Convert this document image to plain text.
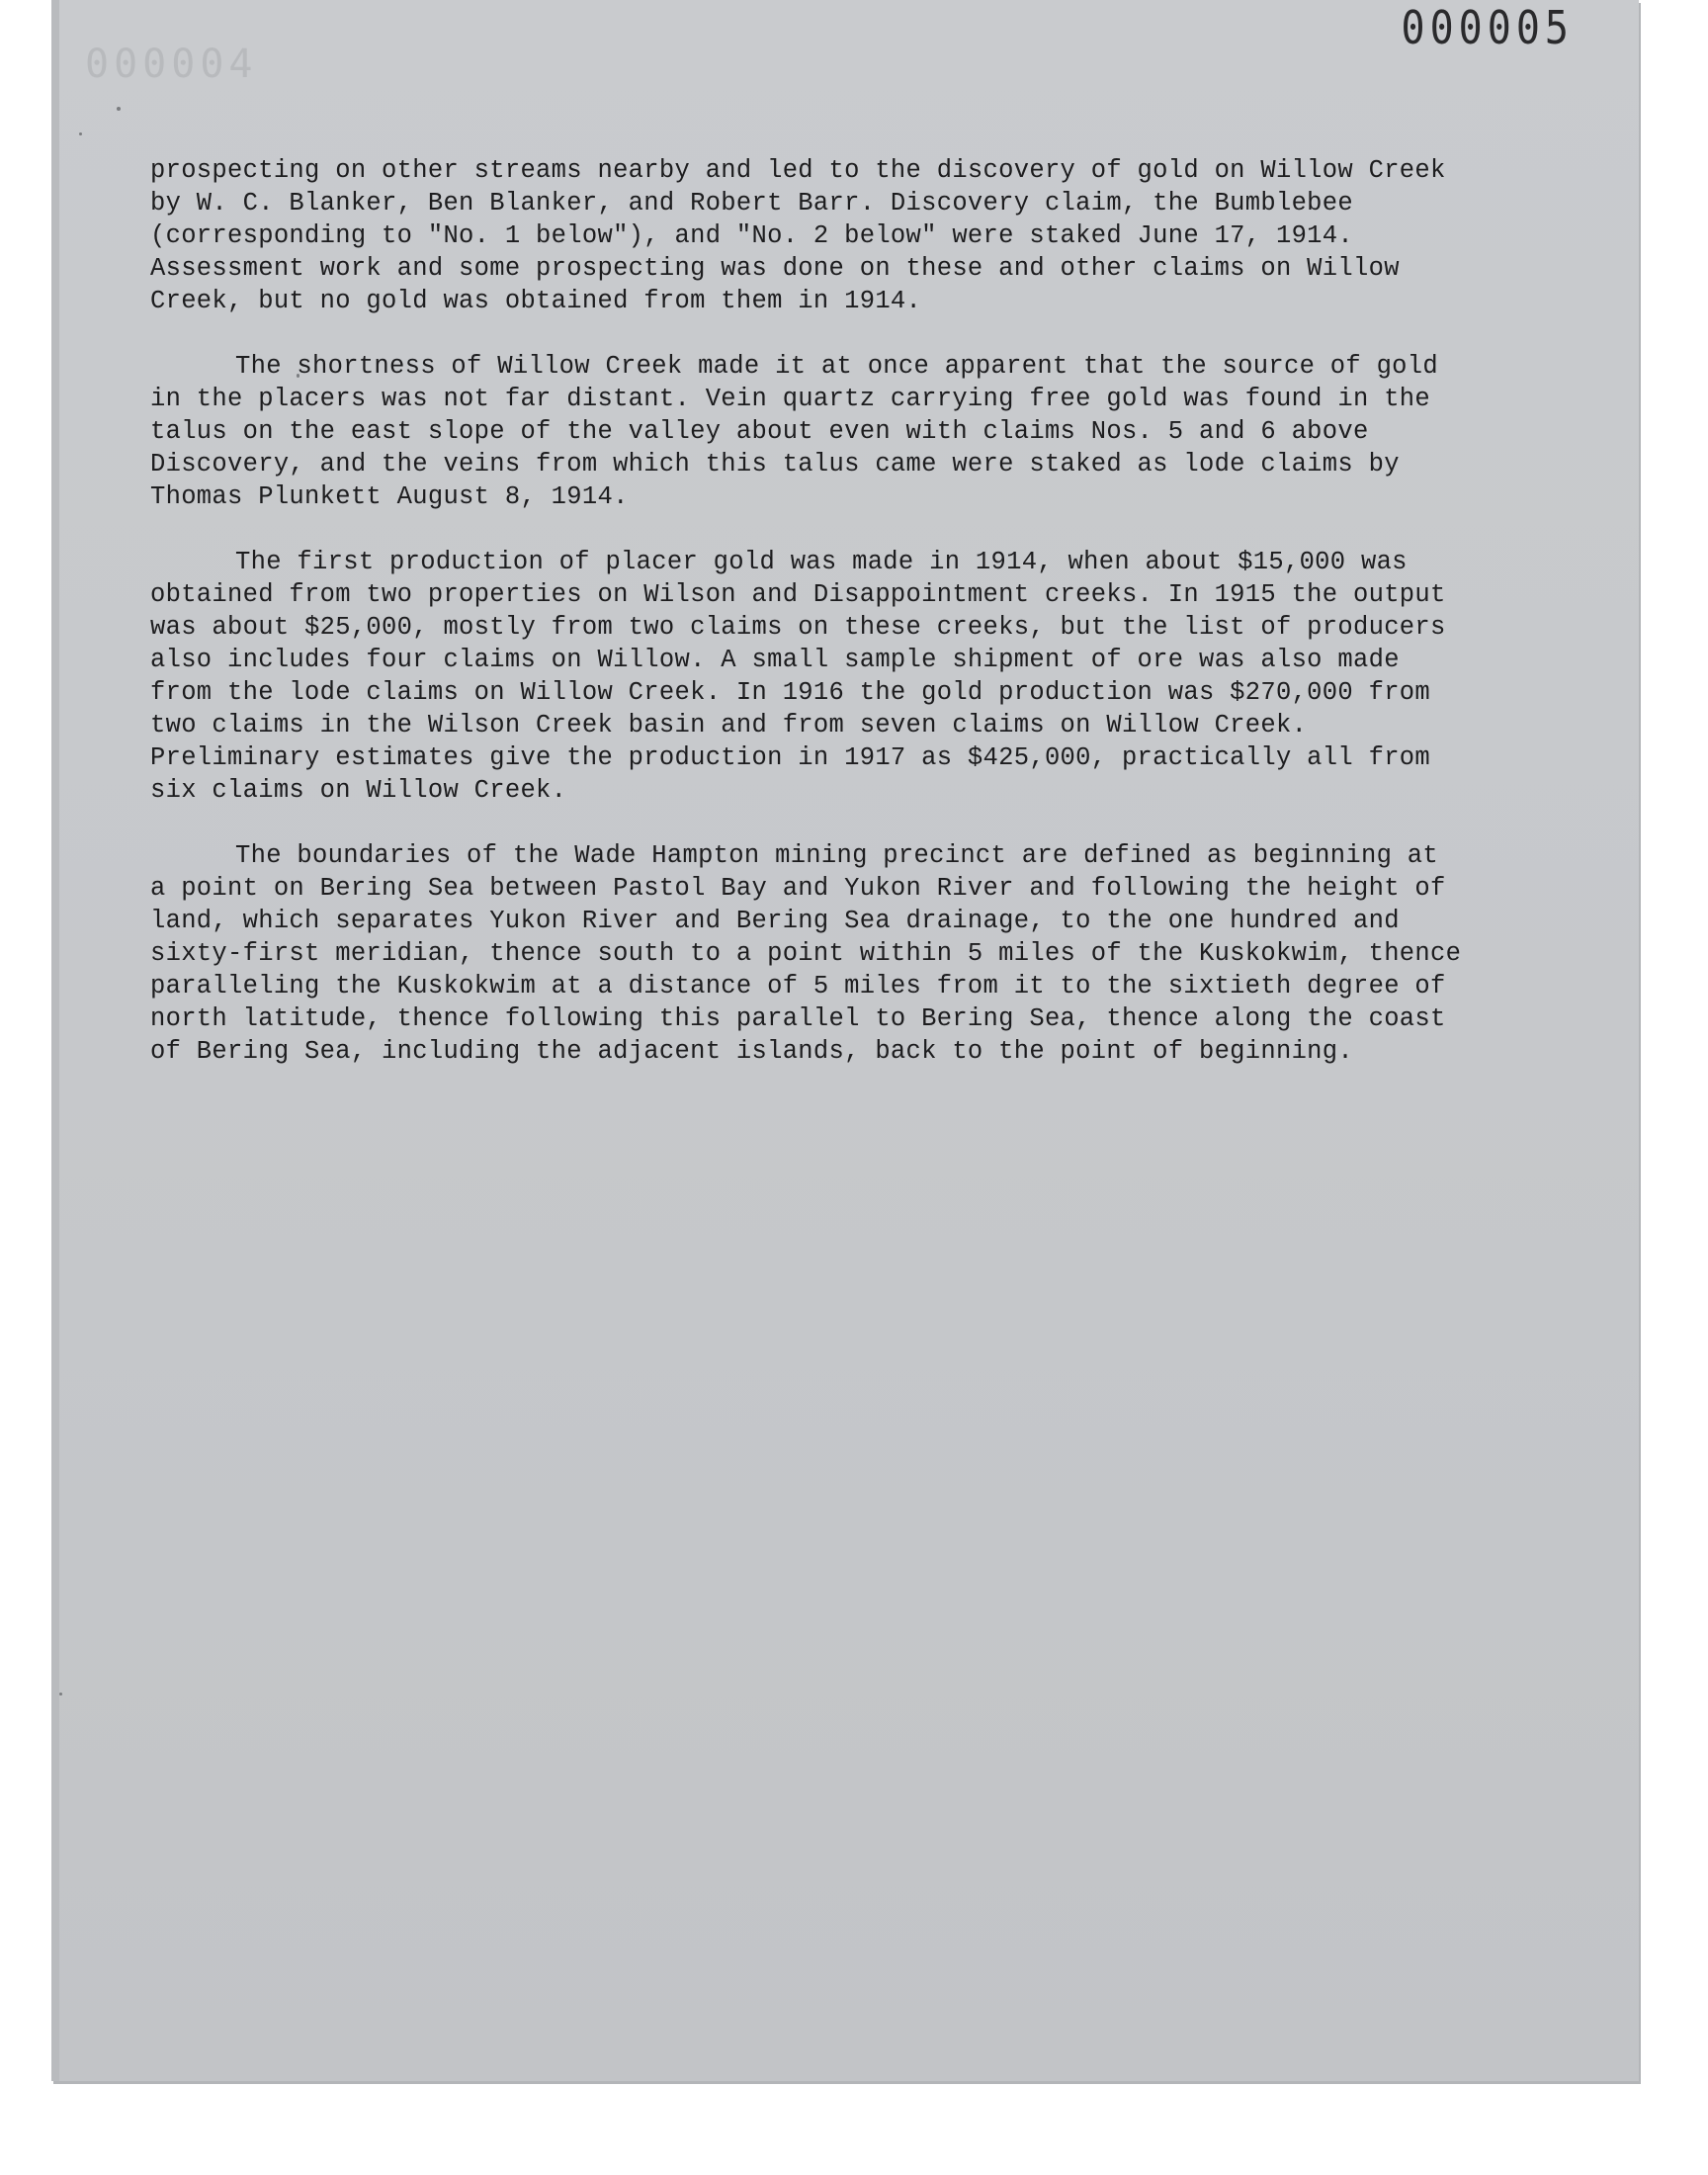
000004
000005

prospecting on other streams nearby and led to the discovery of gold on Willow Creek by W. C. Blanker, Ben Blanker, and Robert Barr. Discovery claim, the Bumblebee (corresponding to "No. 1 below"), and "No. 2 below" were staked June 17, 1914. Assessment work and some prospecting was done on these and other claims on Willow Creek, but no gold was obtained from them in 1914.

The shortness of Willow Creek made it at once apparent that the source of gold in the placers was not far distant. Vein quartz carrying free gold was found in the talus on the east slope of the valley about even with claims Nos. 5 and 6 above Discovery, and the veins from which this talus came were staked as lode claims by Thomas Plunkett August 8, 1914.

The first production of placer gold was made in 1914, when about $15,000 was obtained from two properties on Wilson and Disappointment creeks. In 1915 the output was about $25,000, mostly from two claims on these creeks, but the list of producers also includes four claims on Willow. A small sample shipment of ore was also made from the lode claims on Willow Creek. In 1916 the gold production was $270,000 from two claims in the Wilson Creek basin and from seven claims on Willow Creek. Preliminary estimates give the production in 1917 as $425,000, practically all from six claims on Willow Creek.

The boundaries of the Wade Hampton mining precinct are defined as beginning at a point on Bering Sea between Pastol Bay and Yukon River and following the height of land, which separates Yukon River and Bering Sea drainage, to the one hundred and sixty-first meridian, thence south to a point within 5 miles of the Kuskokwim, thence paralleling the Kuskokwim at a distance of 5 miles from it to the sixtieth degree of north latitude, thence following this parallel to Bering Sea, thence along the coast of Bering Sea, including the adjacent islands, back to the point of beginning.
